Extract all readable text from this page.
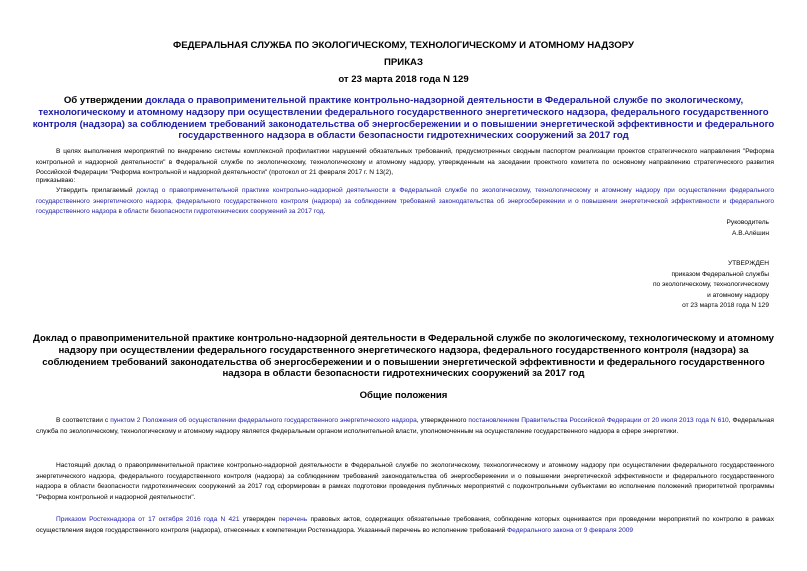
ФЕДЕРАЛЬНАЯ СЛУЖБА ПО ЭКОЛОГИЧЕСКОМУ, ТЕХНОЛОГИЧЕСКОМУ И АТОМНОМУ НАДЗОРУ
ПРИКАЗ
от 23 марта 2018 года N 129
Об утверждении доклада о правоприменительной практике контрольно-надзорной деятельности в Федеральной службе по экологическому, технологическому и атомному надзору при осуществлении федерального государственного энергетического надзора, федерального государственного контроля (надзора) за соблюдением требований законодательства об энергосбережении и о повышении энергетической эффективности и федерального государственного надзора в области безопасности гидротехнических сооружений за 2017 год
В целях выполнения мероприятий по внедрению системы комплексной профилактики нарушений обязательных требований, предусмотренных сводным паспортом реализации проектов стратегического направления "Реформа контрольной и надзорной деятельности" в Федеральной службе по экологическому, технологическому и атомному надзору, утвержденным на заседании проектного комитета по основному направлению стратегического развития Российской Федерации "Реформа контрольной и надзорной деятельности" (протокол от 21 февраля 2017 г. N 13(2),
приказываю:
Утвердить прилагаемый доклад о правоприменительной практике контрольно-надзорной деятельности в Федеральной службе по экологическому, технологическому и атомному надзору при осуществлении федерального государственного энергетического надзора, федерального государственного контроля (надзора) за соблюдением требований законодательства об энергосбережении и о повышении энергетической эффективности и федерального государственного надзора в области безопасности гидротехнических сооружений за 2017 год.
Руководитель
А.В.Алёшин
УТВЕРЖДЕН
приказом Федеральной службы
по экологическому, технологическому
и атомному надзору
от 23 марта 2018 года N 129
Доклад о правоприменительной практике контрольно-надзорной деятельности в Федеральной службе по экологическому, технологическому и атомному надзору при осуществлении федерального государственного энергетического надзора, федерального государственного контроля (надзора) за соблюдением требований законодательства об энергосбережении и о повышении энергетической эффективности и федерального государственного надзора в области безопасности гидротехнических сооружений за 2017 год
Общие положения
В соответствии с пунктом 2 Положения об осуществлении федерального государственного энергетического надзора, утвержденного постановлением Правительства Российской Федерации от 20 июля 2013 года N 610, Федеральная служба по экологическому, технологическому и атомному надзору является федеральным органом исполнительной власти, уполномоченным на осуществление государственного надзора в сфере энергетики.
Настоящий доклад о правоприменительной практике контрольно-надзорной деятельности в Федеральной службе по экологическому, технологическому и атомному надзору при осуществлении федерального государственного энергетического надзора, федерального государственного контроля (надзора) за соблюдением требований законодательства об энергосбережении и о повышении энергетической эффективности и федерального государственного надзора в области безопасности гидротехнических сооружений за 2017 год сформирован в рамках подготовки проведения публичных мероприятий с подконтрольными субъектами во исполнение положений приоритетной программы "Реформа контрольной и надзорной деятельности".
Приказом Ростехнадзора от 17 октября 2016 года N 421 утвержден перечень правовых актов, содержащих обязательные требования, соблюдение которых оценивается при проведении мероприятий по контролю в рамках осуществления видов государственного контроля (надзора), отнесенных к компетенции Ростехнадзора. Указанный перечень во исполнение требований Федерального закона от 9 февраля 2009
